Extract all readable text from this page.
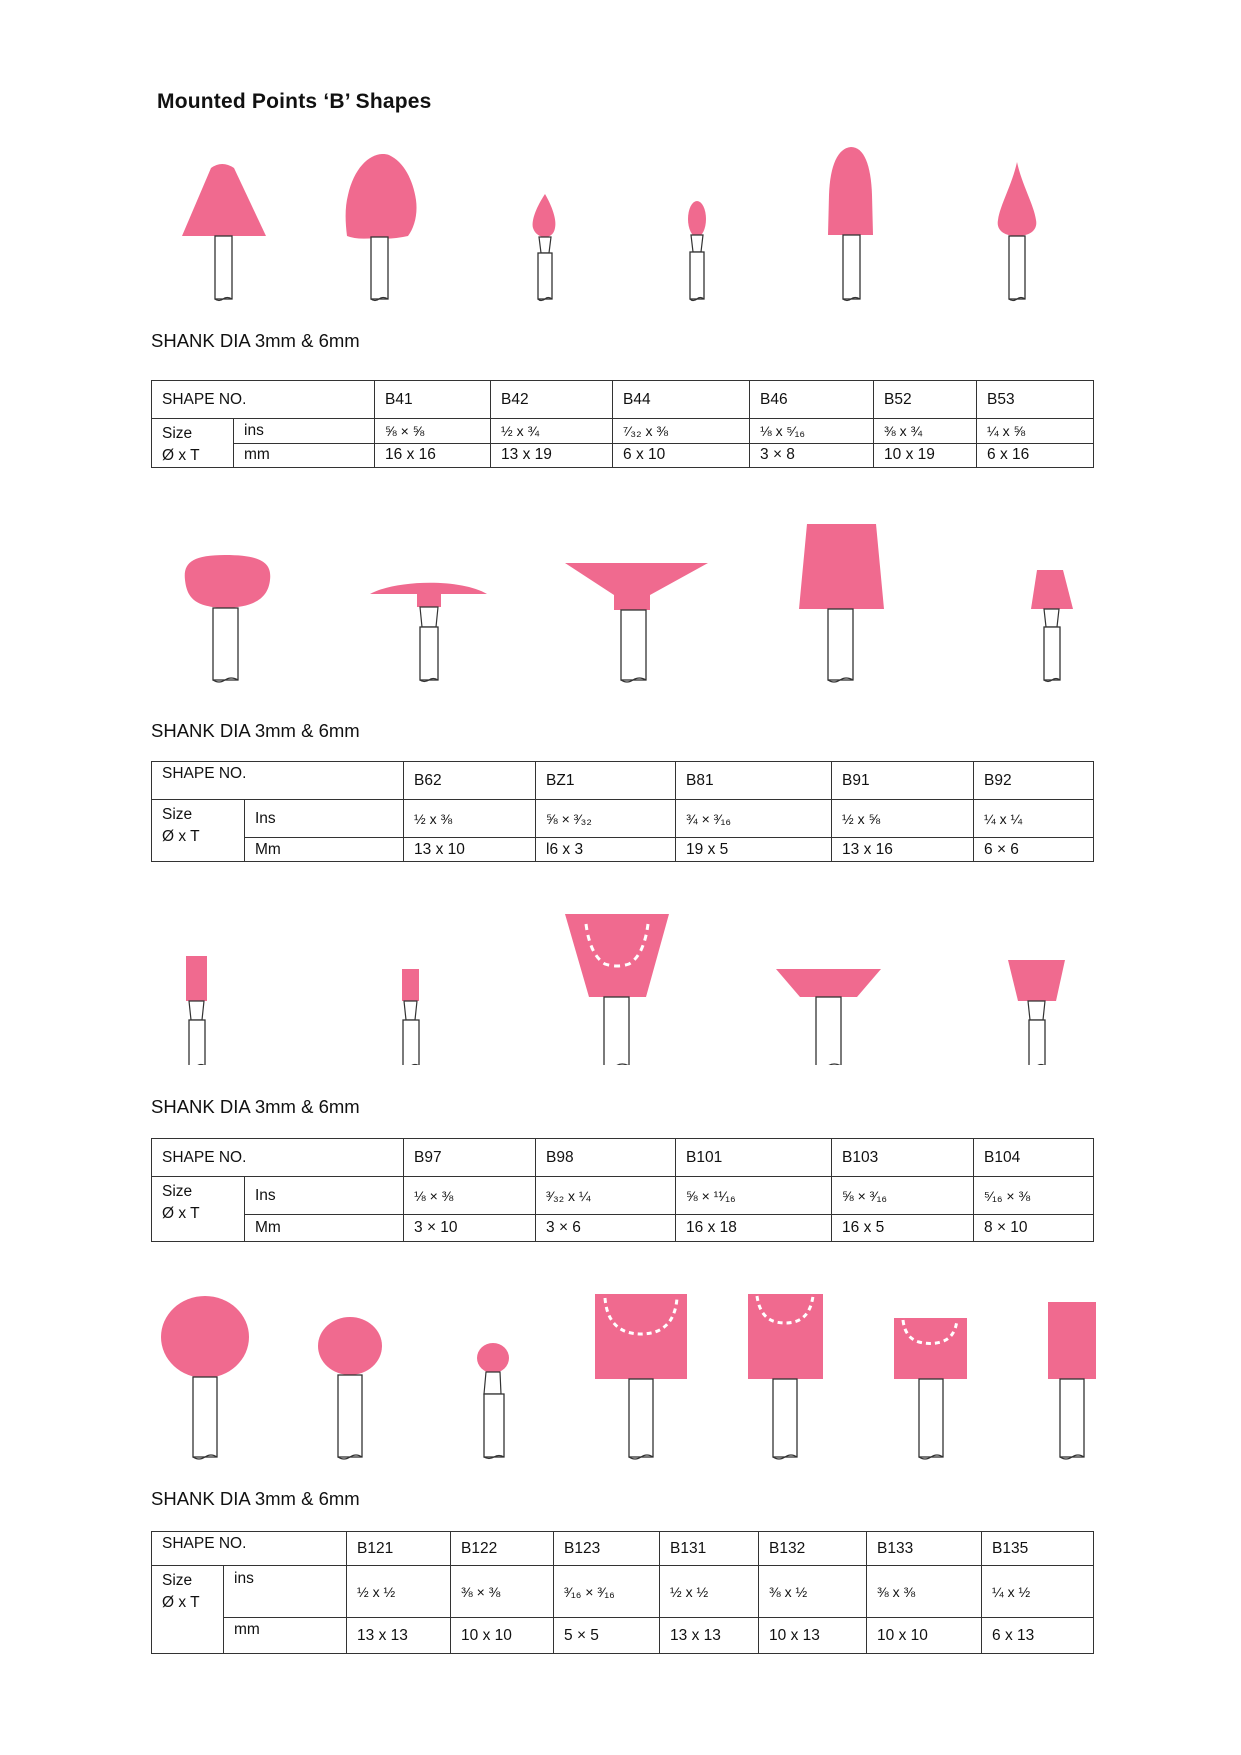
Mounted Points ‘B’ Shapes
SHANK DIA 3mm & 6mm
SHAPE NO.		B41	B42	B44	B46	B52	B53
Size
Ø x T	ins	⅝ × ⅝	½ x ¾	⁷⁄₃₂ x ⅜	⅛ x ⁵⁄₁₆	⅜ x ¾	¼ x ⅝
	mm	16 x 16	13 x 19	6 x 10	3 × 8	10 x 19	6 x 16
SHANK DIA 3mm & 6mm
SHAPE NO.		B62	BZ1	B81	B91	B92
Size
Ø x T	Ins	½ x ⅜	⅝ × ³⁄₃₂	¾ × ³⁄₁₆	½ x ⅝	¼ x ¼
	Mm	13 x 10	l6 x 3	19 x 5	13 x 16	6 × 6
SHANK DIA 3mm & 6mm
SHAPE NO.		B97	B98	B101	B103	B104
Size
Ø x T	Ins	⅛ × ⅜	³⁄₃₂ x ¼	⅝ × ¹¹⁄₁₆	⅝ × ³⁄₁₆	⁵⁄₁₆ × ⅜
	Mm	3 × 10	3 × 6	16 x 18	16 x 5	8 × 10
SHANK DIA 3mm & 6mm
SHAPE NO.		B121	B122	B123	B131	B132	B133	B135
Size
Ø x T	ins	½ x ½	⅜ × ⅜	³⁄₁₆ × ³⁄₁₆	½ x ½	⅜ x ½	⅜ x ⅜	¼ x ½
	mm	13 x 13	10 x 10	5 × 5	13 x 13	10 x 13	10 x 10	6 x 13
